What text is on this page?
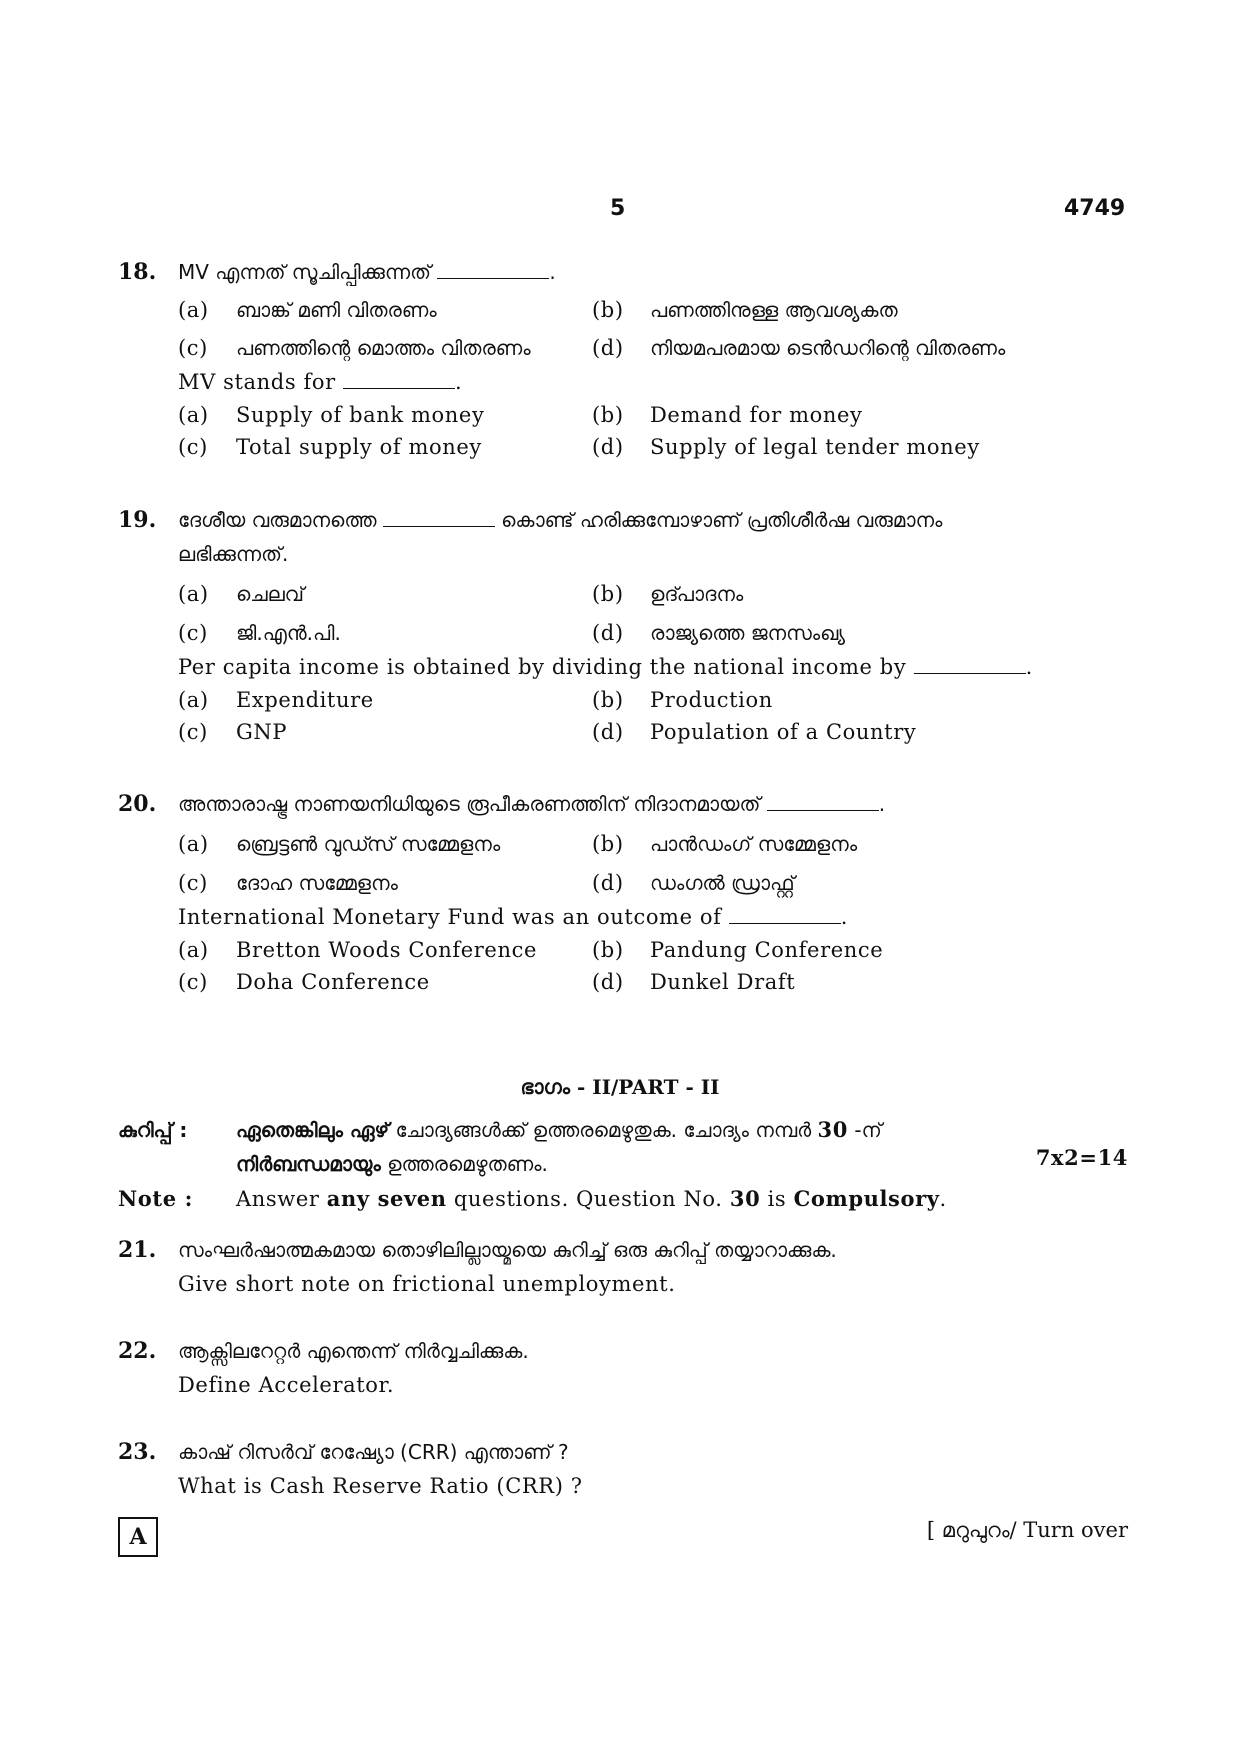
5	4749
18. MV എന്നത് സൂചിപ്പിക്കുന്നത്	.
(a) ബാങ്ക് മണി വിതരണം	(b) പണത്തിനുള്ള ആവശ്യകത
(c) പണത്തിന്റെ മൊത്തം വിതരണം	(d) നിയമപരമായ ടെൻഡറിന്റെ വിതരണം
MV stands for	.
(a) Supply of bank money	(b) Demand for money
(c) Total supply of money	(d) Supply of legal tender money
19. ദേശീയ വരുമാനത്തെ	കൊണ്ട് ഹരിക്കുമ്പോഴാണ് പ്രതിശീർഷ വരുമാനം
ലഭിക്കുന്നത്.
(a) ചെലവ്	(b) ഉദ്പാദനം
(c) ജി.എൻ.പി.	(d) രാജ്യത്തെ ജനസംഖ്യ
Per capita income is obtained by dividing the national income by	.
(a) Expenditure	(b) Production
(c) GNP	(d) Population of a Country
20. അന്താരാഷ്ട്ര നാണയനിധിയുടെ രൂപീകരണത്തിന് നിദാനമായത്	.
(a) ബ്രെട്ടൺ വുഡ്സ് സമ്മേളനം	(b) പാൻഡംഗ് സമ്മേളനം
(c) ദോഹ സമ്മേളനം	(d) ഡംഗൽ ഡ്രാഫ്റ്റ്
International Monetary Fund was an outcome of	.
(a) Bretton Woods Conference	(b) Pandung Conference
(c) Doha Conference	(d) Dunkel Draft
ഭാഗം - II/PART - II
കുറിപ്പ് : ഏതെങ്കിലും ഏഴ് ചോദ്യങ്ങൾക്ക് ഉത്തരമെഴുതുക. ചോദ്യം നമ്പർ 30 -ന്
നിർബന്ധമായും ഉത്തരമെഴുതണം.	7x2=14
Note : Answer any seven questions. Question No. 30 is Compulsory.
21. സംഘർഷാത്മകമായ തൊഴിലില്ലായ്മയെ കുറിച്ച് ഒരു കുറിപ്പ് തയ്യാറാക്കുക.
Give short note on frictional unemployment.
22. ആക്സിലറേറ്റർ എന്തെന്ന് നിർവ്വചിക്കുക.
Define Accelerator.
23. കാഷ് റിസർവ് റേഷ്യോ (CRR) എന്താണ് ?
What is Cash Reserve Ratio (CRR) ?
A	[ മറുപുറം/ Turn over
